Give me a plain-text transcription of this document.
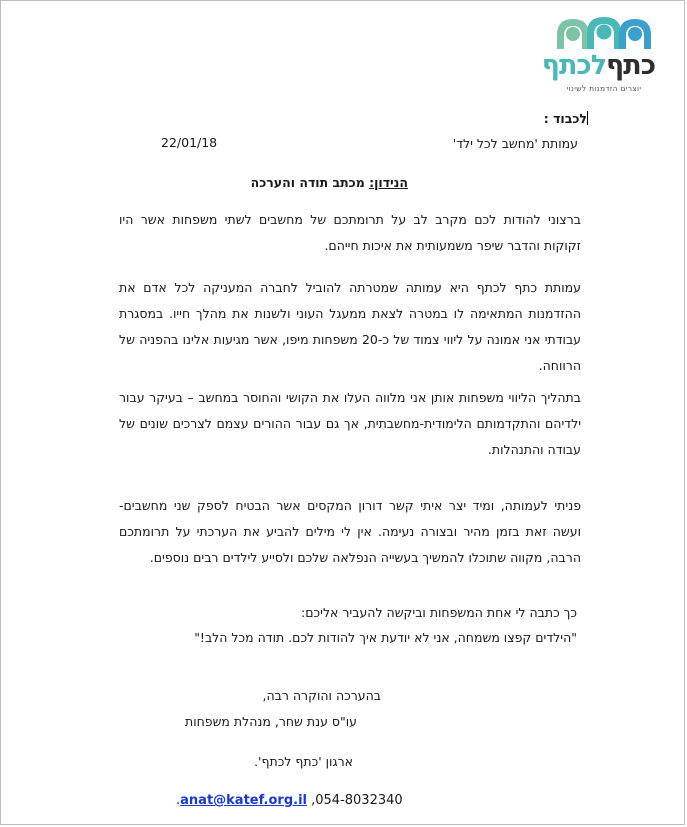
כתףלכתף
יוצרים הזדמנות לשינוי
לכבוד :
עמותת 'מחשב לכל ילד'
22/01/18
הנידון: מכתב תודה והערכה
ברצוני להודות לכם מקרב לב על תרומתכם של מחשבים לשתי משפחות אשר היו זקוקות והדבר שיפר משמעותית את איכות חייהם.
עמותת כתף לכתף היא עמותה שמטרתה להוביל לחברה המעניקה לכל אדם את ההזדמנות המתאימה לו במטרה לצאת ממעגל העוני ולשנות את מהלך חייו. במסגרת עבודתי אני אמונה על ליווי צמוד של כ-20 משפחות מיפו, אשר מגיעות אלינו בהפניה של הרווחה.
בתהליך הליווי משפחות אותן אני מלווה העלו את הקושי והחוסר במחשב – בעיקר עבור ילדיהם והתקדמותם הלימודית-מחשבתית, אך גם עבור ההורים עצמם לצרכים שונים של עבודה והתנהלות.
פניתי לעמותה, ומיד יצר איתי קשר דורון המקסים אשר הבטיח לספק שני מחשבים- ועשה זאת בזמן מהיר ובצורה נעימה. אין לי מילים להביע את הערכתי על תרומתכם הרבה, מקווה שתוכלו להמשיך בעשייה הנפלאה שלכם ולסייע לילדים רבים נוספים.
כך כתבה לי אחת המשפחות וביקשה להעביר אליכם:
"הילדים קפצו משמחה, אני לא יודעת איך להודות לכם. תודה מכל הלב!"
בהערכה והוקרה רבה,
עו"ס ענת שחר, מנהלת משפחות
ארגון 'כתף לכתף'.
.anat@katef.org.il ,054-8032340
